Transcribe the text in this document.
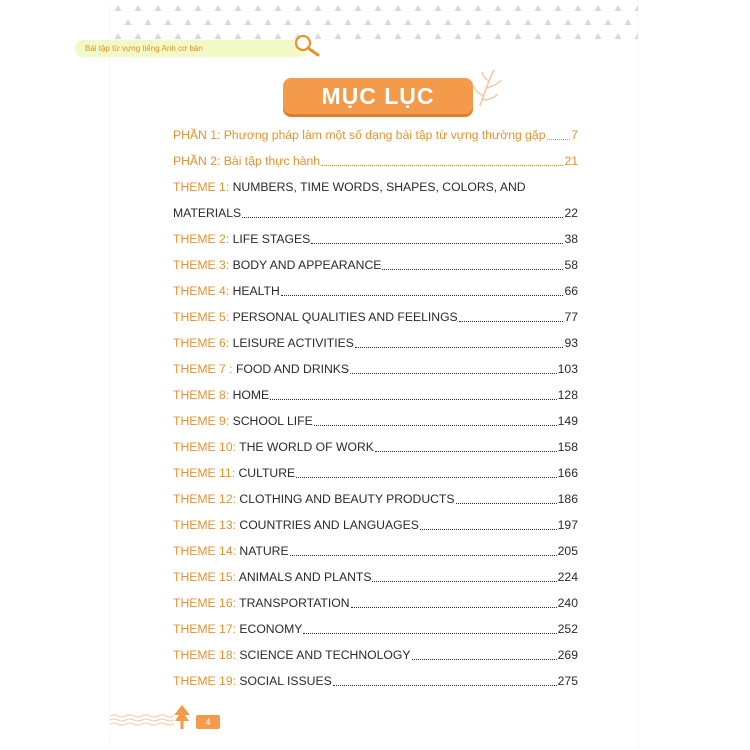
Bài tập từ vựng tiếng Anh cơ bản
MỤC LỤC
PHẦN 1: Phương pháp làm một số dạng bài tập từ vựng thường gặp 7
PHẦN 2: Bài tập thực hành	21
THEME 1: NUMBERS, TIME WORDS, SHAPES, COLORS, AND
MATERIALS	22
THEME 2: LIFE STAGES	38
THEME 3: BODY AND APPEARANCE	58
THEME 4: HEALTH	66
THEME 5: PERSONAL QUALITIES AND FEELINGS	77
THEME 6: LEISURE ACTIVITIES	93
THEME 7 : FOOD AND DRINKS	103
THEME 8: HOME	128
THEME 9: SCHOOL LIFE	149
THEME 10: THE WORLD OF WORK	158
THEME 11: CULTURE	166
THEME 12: CLOTHING AND BEAUTY PRODUCTS	186
THEME 13: COUNTRIES AND LANGUAGES	197
THEME 14: NATURE	205
THEME 15: ANIMALS AND PLANTS	224
THEME 16: TRANSPORTATION	240
THEME 17: ECONOMY	252
THEME 18: SCIENCE AND TECHNOLOGY	269
THEME 19: SOCIAL ISSUES	275
4
